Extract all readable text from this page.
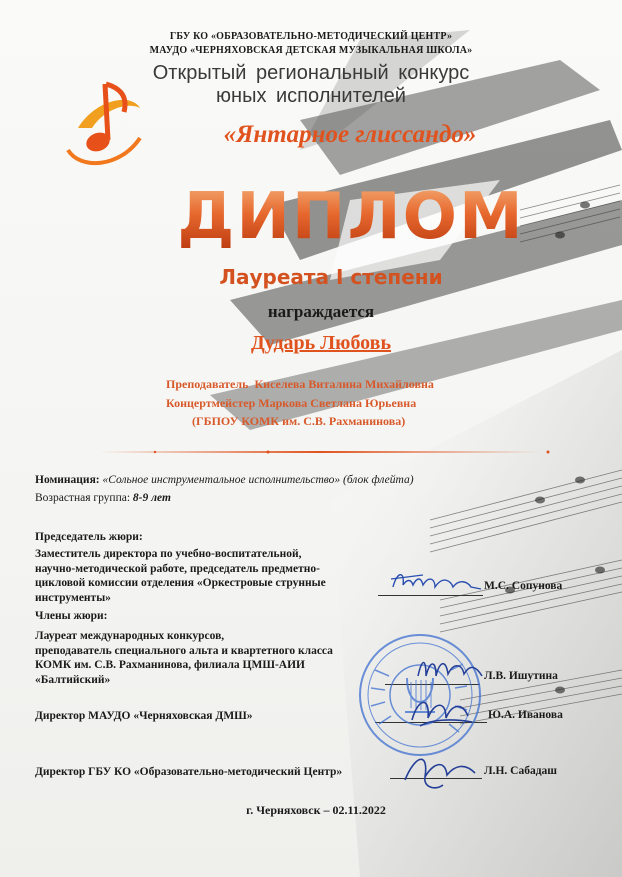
ГБУ КО «ОБРАЗОВАТЕЛЬНО-МЕТОДИЧЕСКИЙ ЦЕНТР»
МАУДО «ЧЕРНЯХОВСКАЯ ДЕТСКАЯ МУЗЫКАЛЬНАЯ ШКОЛА»
Открытый региональный конкурс
юных исполнителей
«Янтарное глиссандо»
ДИПЛОМ
Лауреата I степени
награждается
Дударь Любовь
Преподаватель Киселева Виталина Михайловна
Концертмейстер Маркова Светлана Юрьевна
(ГБПОУ КОМК им. С.В. Рахманинова)
Номинация: «Сольное инструментальное исполнительство» (блок флейта)
Возрастная группа: 8-9 лет
Председатель жюри:
Заместитель директора по учебно-воспитательной,
научно-методической работе, председатель предметно-
цикловой комиссии отделения «Оркестровые струнные
инструменты»
М.С. Сопунова
Члены жюри:
Лауреат международных конкурсов,
преподаватель специального альта и квартетного класса
КОМК им. С.В. Рахманинова, филиала ЦМШ-АИИ
«Балтийский»	Л.В. Ишутина
Директор МАУДО «Черняховская ДМШ»	Ю.А. Иванова
Директор ГБУ КО «Образовательно-методический Центр»	Л.Н. Сабадаш
г. Черняховск – 02.11.2022
